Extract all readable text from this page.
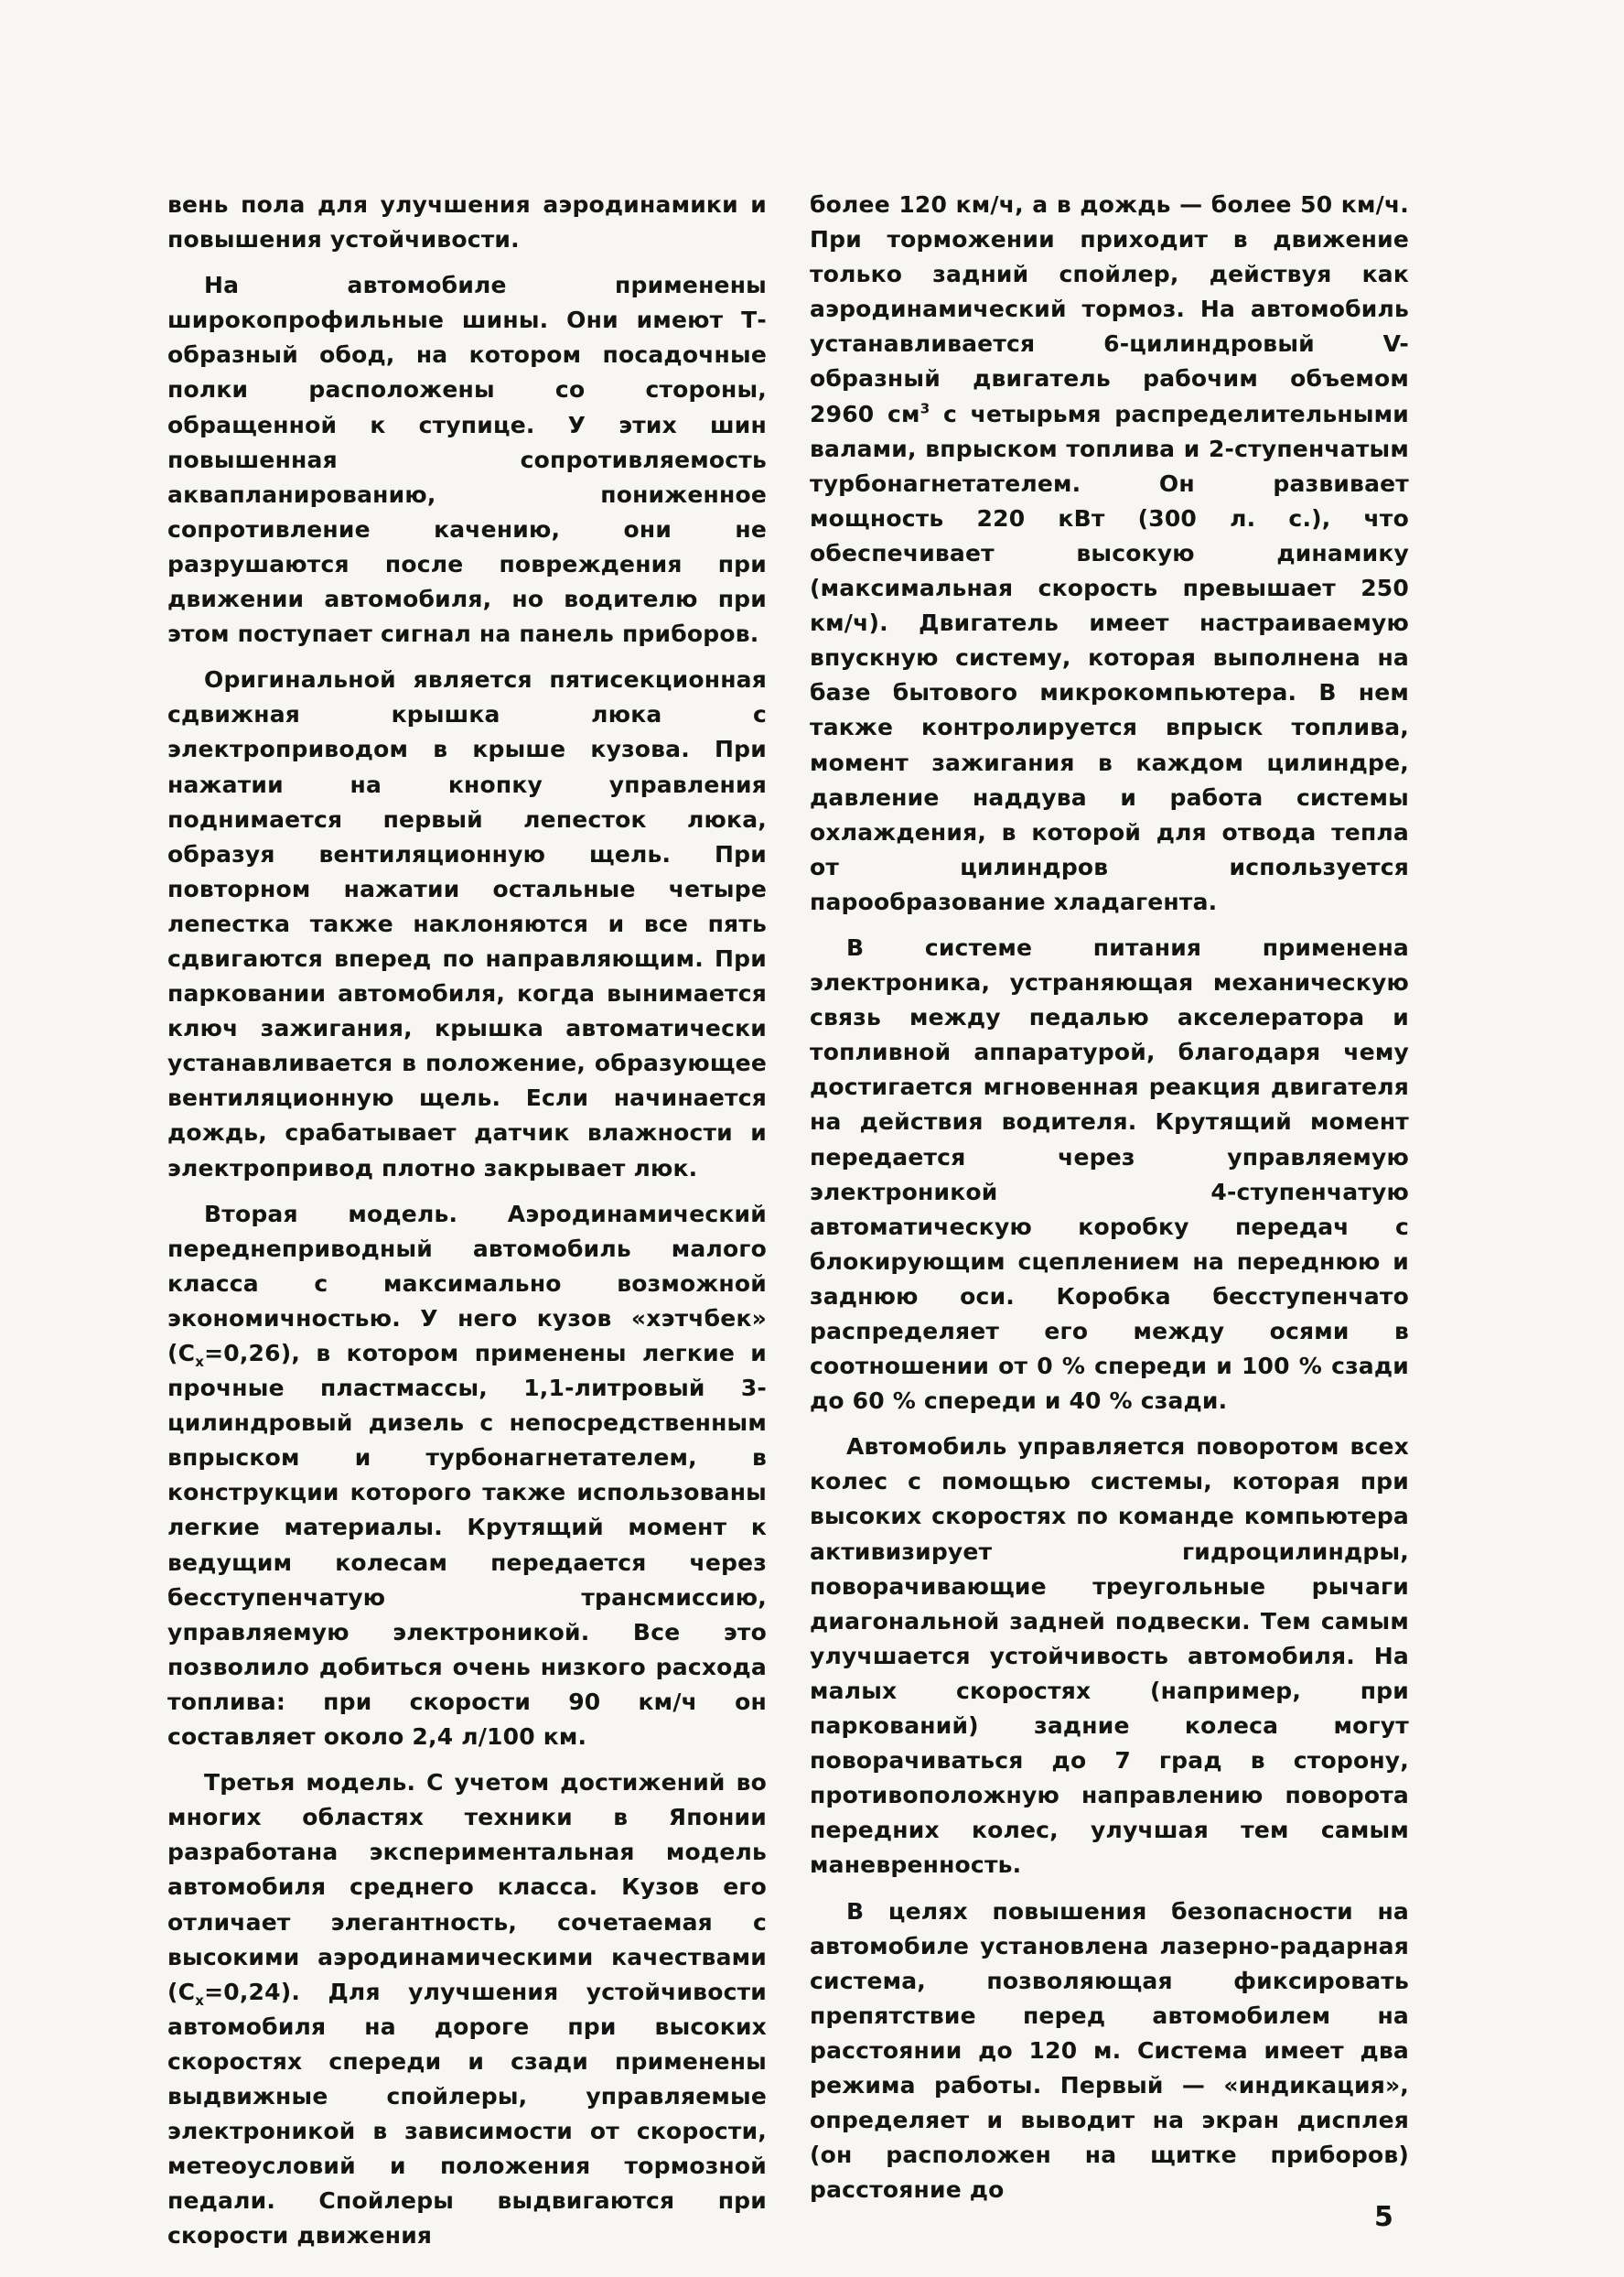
вень пола для улучшения аэродинамики и повышения устойчивости.

На автомобиле применены широкопрофильные шины. Они имеют Т-образный обод, на котором посадочные полки расположены со стороны, обращенной к ступице. У этих шин повышенная сопротивляемость аквапланированию, пониженное сопротивление качению, они не разрушаются после повреждения при движении автомобиля, но водителю при этом поступает сигнал на панель приборов.

Оригинальной является пятисекционная сдвижная крышка люка с электроприводом в крыше кузова. При нажатии на кнопку управления поднимается первый лепесток люка, образуя вентиляционную щель. При повторном нажатии остальные четыре лепестка также наклоняются и все пять сдвигаются вперед по направляющим. При парковании автомобиля, когда вынимается ключ зажигания, крышка автоматически устанавливается в положение, образующее вентиляционную щель. Если начинается дождь, срабатывает датчик влажности и электропривод плотно закрывает люк.

Вторая модель. Аэродинамический переднеприводный автомобиль малого класса с максимально возможной экономичностью. У него кузов «хэтчбек» $(C_x=0,26)$, в котором применены легкие и прочные пластмассы, 1,1-литровый 3-цилиндровый дизель с непосредственным впрыском и турбонагнетателем, в конструкции которого также использованы легкие материалы. Крутящий момент к ведущим колесам передается через бесступенчатую трансмиссию, управляемую электроникой. Все это позволило добиться очень низкого расхода топлива: при скорости 90 км/ч он составляет около 2,4 л/100 км.

Третья модель. С учетом достижений во многих областях техники в Японии разработана экспериментальная модель автомобиля среднего класса. Кузов его отличает элегантность, сочетаемая с высокими аэродинамическими качествами $(C_x=0,24)$. Для улучшения устойчивости автомобиля на дороге при высоких скоростях спереди и сзади применены выдвижные спойлеры, управляемые электроникой в зависимости от скорости, метеоусловий и положения тормозной педали. Спойлеры выдвигаются при скорости движения

более 120 км/ч, а в дождь — более 50 км/ч. При торможении приходит в движение только задний спойлер, действуя как аэродинамический тормоз. На автомобиль устанавливается 6-цилиндровый V-образный двигатель рабочим объемом 2960 $см^3$ с четырьмя распределительными валами, впрыском топлива и 2-ступенчатым турбонагнетателем. Он развивает мощность 220 кВт (300 л. с.), что обеспечивает высокую динамику (максимальная скорость превышает 250 км/ч). Двигатель имеет настраиваемую впускную систему, которая выполнена на базе бытового микрокомпьютера. В нем также контролируется впрыск топлива, момент зажигания в каждом цилиндре, давление наддува и работа системы охлаждения, в которой для отвода тепла от цилиндров используется парообразование хладагента.

В системе питания применена электроника, устраняющая механическую связь между педалью акселератора и топливной аппаратурой, благодаря чему достигается мгновенная реакция двигателя на действия водителя. Крутящий момент передается через управляемую электроникой 4-ступенчатую автоматическую коробку передач с блокирующим сцеплением на переднюю и заднюю оси. Коробка бесступенчато распределяет его между осями в соотношении от 0 % спереди и 100 % сзади до 60 % спереди и 40 % сзади.

Автомобиль управляется поворотом всех колес с помощью системы, которая при высоких скоростях по команде компьютера активизирует гидроцилиндры, поворачивающие треугольные рычаги диагональной задней подвески. Тем самым улучшается устойчивость автомобиля. На малых скоростях (например, при паркований) задние колеса могут поворачиваться до 7 град в сторону, противоположную направлению поворота передних колес, улучшая тем самым маневренность.

В целях повышения безопасности на автомобиле установлена лазерно-радарная система, позволяющая фиксировать препятствие перед автомобилем на расстоянии до 120 м. Система имеет два режима работы. Первый — «индикация», определяет и выводит на экран дисплея (он расположен на щитке приборов) расстояние до

5
